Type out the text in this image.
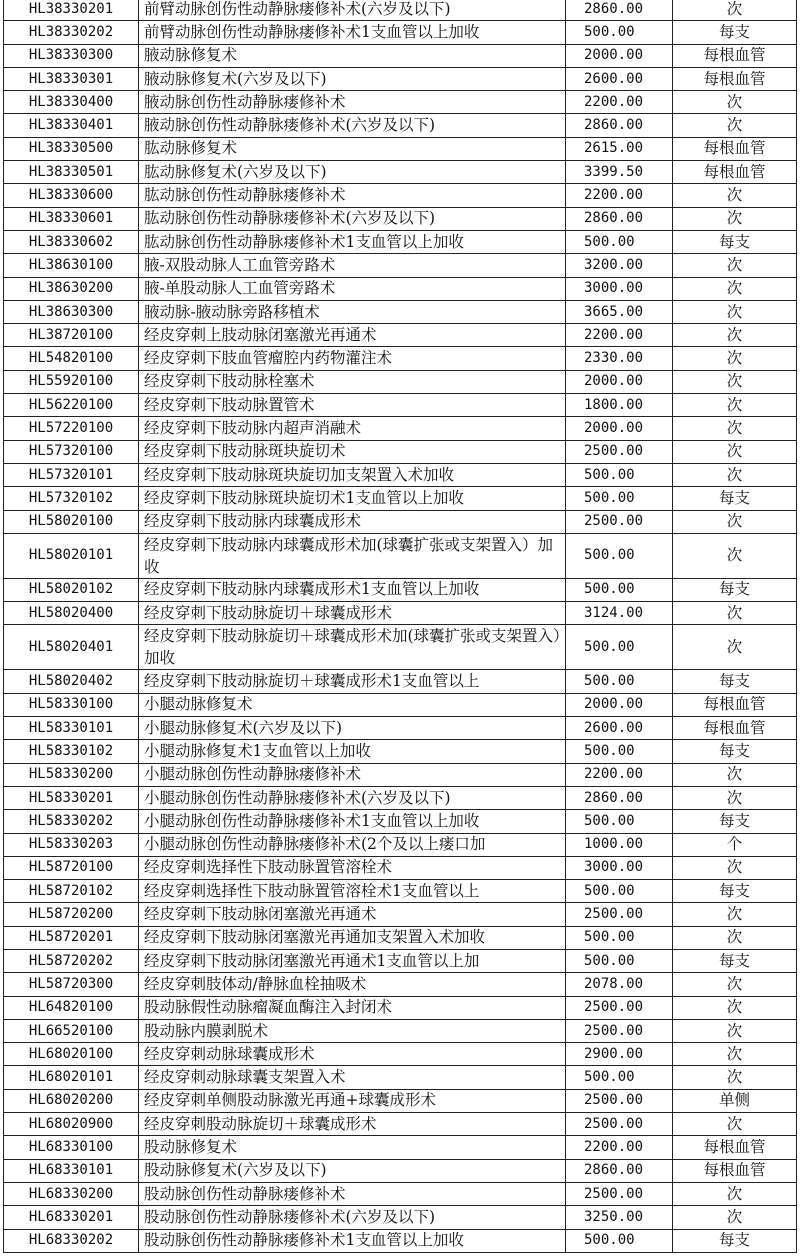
HL38330201	前臂动脉创伤性动静脉瘘修补术(六岁及以下)	2860.00	次
HL38330202	前臂动脉创伤性动静脉瘘修补术1支血管以上加收	500.00	每支
HL38330300	腋动脉修复术	2000.00	每根血管
HL38330301	腋动脉修复术(六岁及以下)	2600.00	每根血管
HL38330400	腋动脉创伤性动静脉瘘修补术	2200.00	次
HL38330401	腋动脉创伤性动静脉瘘修补术(六岁及以下)	2860.00	次
HL38330500	肱动脉修复术	2615.00	每根血管
HL38330501	肱动脉修复术(六岁及以下)	3399.50	每根血管
HL38330600	肱动脉创伤性动静脉瘘修补术	2200.00	次
HL38330601	肱动脉创伤性动静脉瘘修补术(六岁及以下)	2860.00	次
HL38330602	肱动脉创伤性动静脉瘘修补术1支血管以上加收	500.00	每支
HL38630100	腋-双股动脉人工血管旁路术	3200.00	次
HL38630200	腋-单股动脉人工血管旁路术	3000.00	次
HL38630300	腋动脉-腋动脉旁路移植术	3665.00	次
HL38720100	经皮穿刺上肢动脉闭塞激光再通术	2200.00	次
HL54820100	经皮穿刺下肢血管瘤腔内药物灌注术	2330.00	次
HL55920100	经皮穿刺下肢动脉栓塞术	2000.00	次
HL56220100	经皮穿刺下肢动脉置管术	1800.00	次
HL57220100	经皮穿刺下肢动脉内超声消融术	2000.00	次
HL57320100	经皮穿刺下肢动脉斑块旋切术	2500.00	次
HL57320101	经皮穿刺下肢动脉斑块旋切加支架置入术加收	500.00	次
HL57320102	经皮穿刺下肢动脉斑块旋切术1支血管以上加收	500.00	每支
HL58020100	经皮穿刺下肢动脉内球囊成形术	2500.00	次
HL58020101	经皮穿刺下肢动脉内球囊成形术加(球囊扩张或支架置入）加收	500.00	次
HL58020102	经皮穿刺下肢动脉内球囊成形术1支血管以上加收	500.00	每支
HL58020400	经皮穿刺下肢动脉旋切＋球囊成形术	3124.00	次
HL58020401	经皮穿刺下肢动脉旋切＋球囊成形术加(球囊扩张或支架置入）加收	500.00	次
HL58020402	经皮穿刺下肢动脉旋切＋球囊成形术1支血管以上	500.00	每支
HL58330100	小腿动脉修复术	2000.00	每根血管
HL58330101	小腿动脉修复术(六岁及以下)	2600.00	每根血管
HL58330102	小腿动脉修复术1支血管以上加收	500.00	每支
HL58330200	小腿动脉创伤性动静脉瘘修补术	2200.00	次
HL58330201	小腿动脉创伤性动静脉瘘修补术(六岁及以下)	2860.00	次
HL58330202	小腿动脉创伤性动静脉瘘修补术1支血管以上加收	500.00	每支
HL58330203	小腿动脉创伤性动静脉瘘修补术(2个及以上瘘口加	1000.00	个
HL58720100	经皮穿刺选择性下肢动脉置管溶栓术	3000.00	次
HL58720102	经皮穿刺选择性下肢动脉置管溶栓术1支血管以上	500.00	每支
HL58720200	经皮穿刺下肢动脉闭塞激光再通术	2500.00	次
HL58720201	经皮穿刺下肢动脉闭塞激光再通加支架置入术加收	500.00	次
HL58720202	经皮穿刺下肢动脉闭塞激光再通术1支血管以上加	500.00	每支
HL58720300	经皮穿刺肢体动/静脉血栓抽吸术	2078.00	次
HL64820100	股动脉假性动脉瘤凝血酶注入封闭术	2500.00	次
HL66520100	股动脉内膜剥脱术	2500.00	次
HL68020100	经皮穿刺动脉球囊成形术	2900.00	次
HL68020101	经皮穿刺动脉球囊支架置入术	500.00	次
HL68020200	经皮穿刺单侧股动脉激光再通+球囊成形术	2500.00	单侧
HL68020900	经皮穿刺股动脉旋切＋球囊成形术	2500.00	次
HL68330100	股动脉修复术	2200.00	每根血管
HL68330101	股动脉修复术(六岁及以下)	2860.00	每根血管
HL68330200	股动脉创伤性动静脉瘘修补术	2500.00	次
HL68330201	股动脉创伤性动静脉瘘修补术(六岁及以下)	3250.00	次
HL68330202	股动脉创伤性动静脉瘘修补术1支血管以上加收	500.00	每支
